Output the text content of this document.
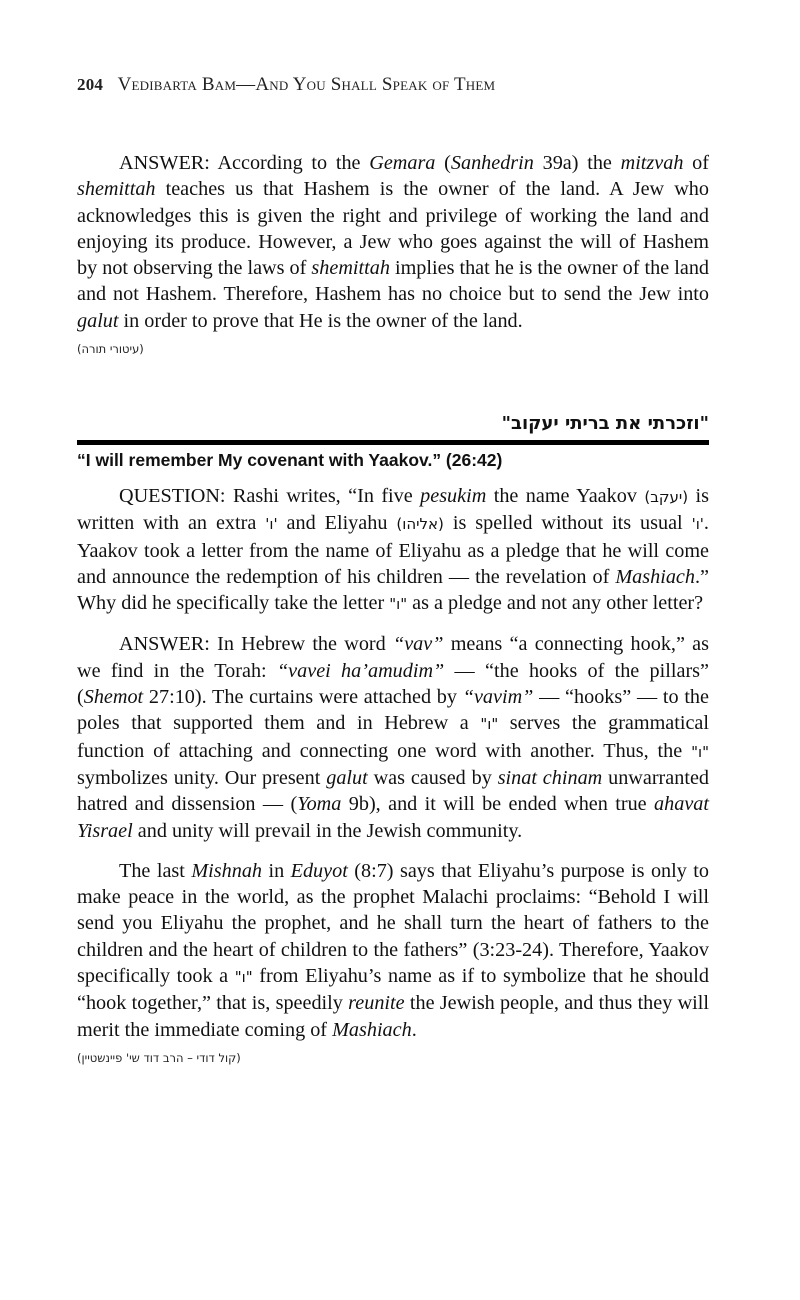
204 Vedibarta Bam—And You Shall Speak of Them

ANSWER: According to the Gemara (Sanhedrin 39a) the mitzvah of shemittah teaches us that Hashem is the owner of the land. A Jew who acknowledges this is given the right and privilege of working the land and enjoying its produce. However, a Jew who goes against the will of Hashem by not observing the laws of shemittah implies that he is the owner of the land and not Hashem. Therefore, Hashem has no choice but to send the Jew into galut in order to prove that He is the owner of the land.

(עיטורי תורה)
"וזכרתי את בריתי יעקוב"
“I will remember My covenant with Yaakov.” (26:42)

QUESTION: Rashi writes, “In five pesukim the name Yaakov (יעקב) is written with an extra 'ו' and Eliyahu (אליהו) is spelled without its usual 'ו'. Yaakov took a letter from the name of Eliyahu as a pledge that he will come and announce the redemption of his children — the revelation of Mashiach.” Why did he specifically take the letter "ו" as a pledge and not any other letter?

ANSWER: In Hebrew the word “vav” means “a connecting hook,” as we find in the Torah: “vavei ha’amudim” — “the hooks of the pillars” (Shemot 27:10). The curtains were attached by “vavim” — “hooks” — to the poles that supported them and in Hebrew a "ו" serves the grammatical function of attaching and connecting one word with another. Thus, the "ו" symbolizes unity. Our present galut was caused by sinat chinam unwarranted hatred and dissension — (Yoma 9b), and it will be ended when true ahavat Yisrael and unity will prevail in the Jewish community.

The last Mishnah in Eduyot (8:7) says that Eliyahu’s purpose is only to make peace in the world, as the prophet Malachi proclaims: “Behold I will send you Eliyahu the prophet, and he shall turn the heart of fathers to the children and the heart of children to the fathers” (3:23-24). Therefore, Yaakov specifically took a "ו" from Eliyahu’s name as if to symbolize that he should “hook together,” that is, speedily reunite the Jewish people, and thus they will merit the immediate coming of Mashiach.

(קול דודי – הרב דוד שי' פיינשטיין)
